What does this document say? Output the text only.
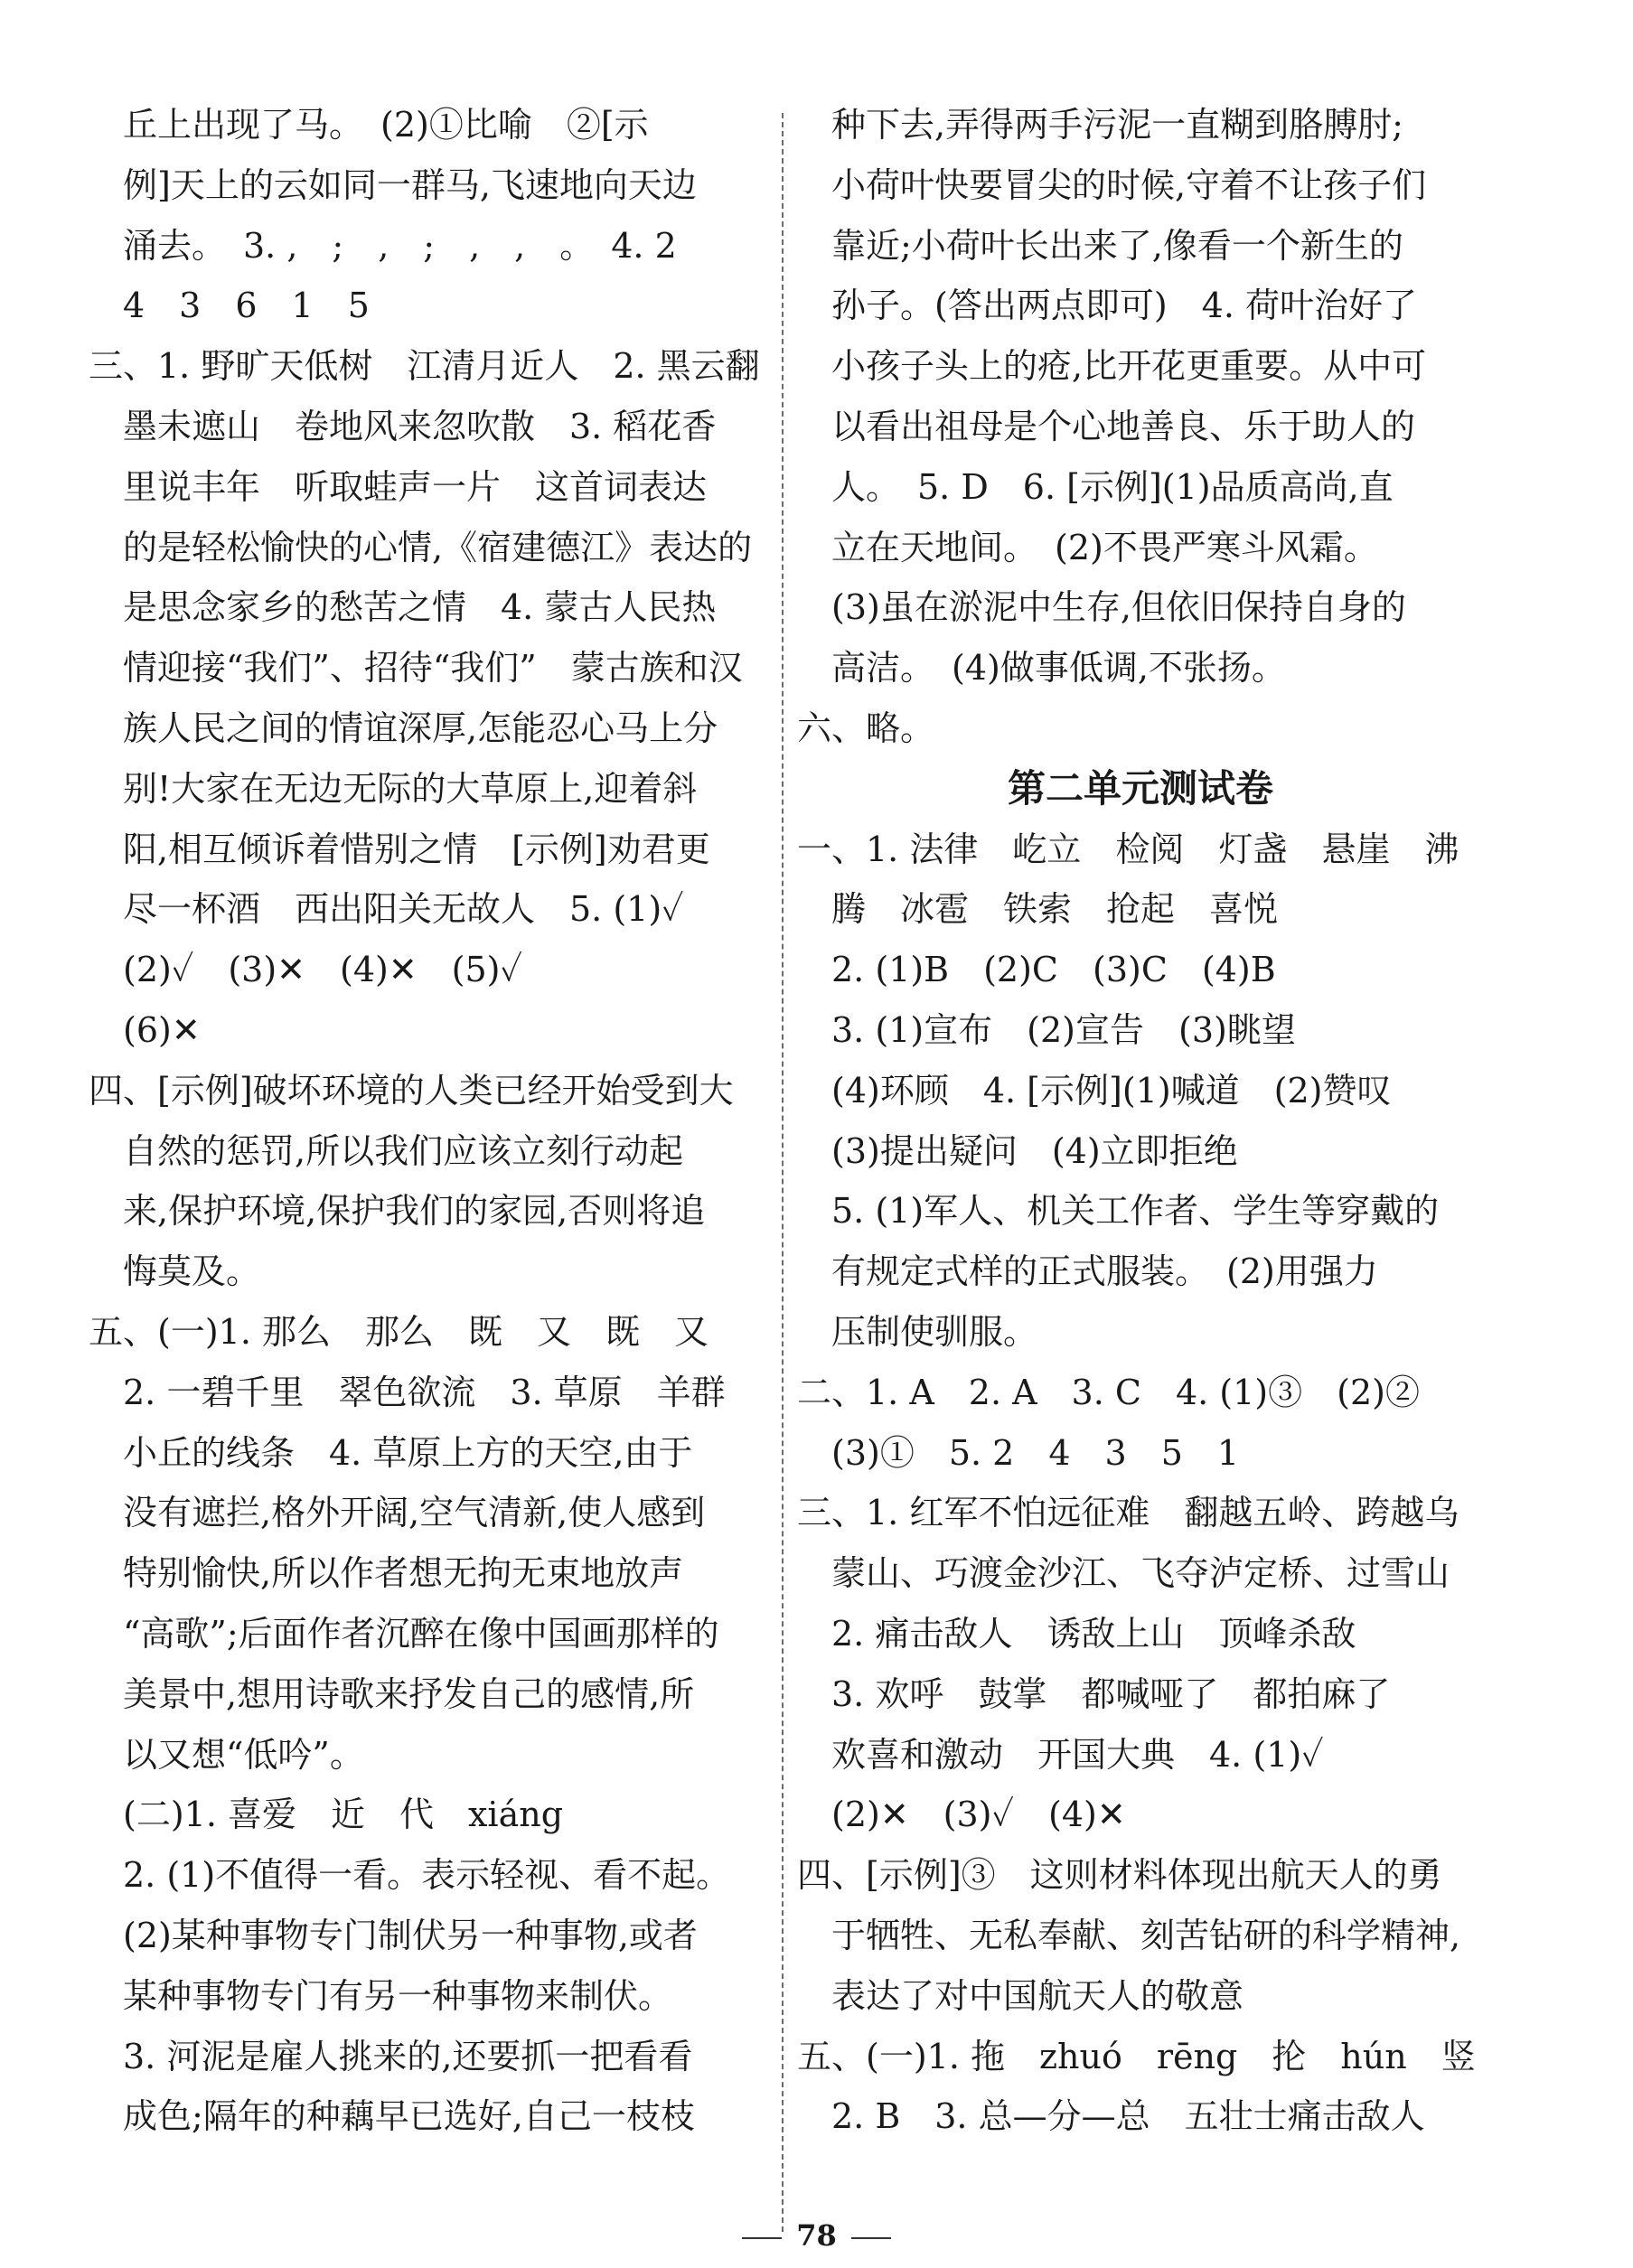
　丘上出现了马。　(2)①比喻　②[示
　例]天上的云如同一群马,飞速地向天边
　涌去。　3. ,　;　,　;　,　,　。　4. 2
　4　3　6　1　5
三、1. 野旷天低树　江清月近人　2. 黑云翻
　墨未遮山　卷地风来忽吹散　3. 稻花香
　里说丰年　听取蛙声一片　这首词表达
　的是轻松愉快的心情,《宿建德江》表达的
　是思念家乡的愁苦之情　4. 蒙古人民热
　情迎接“我们”、招待“我们”　蒙古族和汉
　族人民之间的情谊深厚,怎能忍心马上分
　别!大家在无边无际的大草原上,迎着斜
　阳,相互倾诉着惜别之情　[示例]劝君更
　尽一杯酒　西出阳关无故人　5. (1)✓
　(2)✓　(3)✕　(4)✕　(5)✓
　(6)✕
四、[示例]破坏环境的人类已经开始受到大
　自然的惩罚,所以我们应该立刻行动起
　来,保护环境,保护我们的家园,否则将追
　悔莫及。
五、(一)1. 那么　那么　既　又　既　又
　2. 一碧千里　翠色欲流　3. 草原　羊群
　小丘的线条　4. 草原上方的天空,由于
　没有遮拦,格外开阔,空气清新,使人感到
　特别愉快,所以作者想无拘无束地放声
　“高歌”;后面作者沉醉在像中国画那样的
　美景中,想用诗歌来抒发自己的感情,所
　以又想“低吟”。
　(二)1. 喜爱　近　代　xiáng
　2. (1)不值得一看。表示轻视、看不起。
　(2)某种事物专门制伏另一种事物,或者
　某种事物专门有另一种事物来制伏。
　3. 河泥是雇人挑来的,还要抓一把看看
　成色;隔年的种藕早已选好,自己一枝枝
　种下去,弄得两手污泥一直糊到胳膊肘;
　小荷叶快要冒尖的时候,守着不让孩子们
　靠近;小荷叶长出来了,像看一个新生的
　孙子。(答出两点即可)　4. 荷叶治好了
　小孩子头上的疮,比开花更重要。从中可
　以看出祖母是个心地善良、乐于助人的
　人。　5. D　6. [示例](1)品质高尚,直
　立在天地间。　(2)不畏严寒斗风霜。
　(3)虽在淤泥中生存,但依旧保持自身的
　高洁。　(4)做事低调,不张扬。
六、略。
第二单元测试卷
一、1. 法律　屹立　检阅　灯盏　悬崖　沸
　腾　冰雹　铁索　抢起　喜悦
　2. (1)B　(2)C　(3)C　(4)B
　3. (1)宣布　(2)宣告　(3)眺望
　(4)环顾　4. [示例](1)喊道　(2)赞叹
　(3)提出疑问　(4)立即拒绝
　5. (1)军人、机关工作者、学生等穿戴的
　有规定式样的正式服装。　(2)用强力
　压制使驯服。
二、1. A　2. A　3. C　4. (1)③　(2)②
　(3)①　5. 2　4　3　5　1
三、1. 红军不怕远征难　翻越五岭、跨越乌
　蒙山、巧渡金沙江、飞夺泸定桥、过雪山
　2. 痛击敌人　诱敌上山　顶峰杀敌
　3. 欢呼　鼓掌　都喊哑了　都拍麻了
　欢喜和激动　开国大典　4. (1)✓
　(2)✕　(3)✓　(4)✕
四、[示例]③　这则材料体现出航天人的勇
　于牺牲、无私奉献、刻苦钻研的科学精神,
　表达了对中国航天人的敬意
五、(一)1. 拖　zhuó　rēng　抡　hún　竖
　2. B　3. 总—分—总　五壮士痛击敌人
78
